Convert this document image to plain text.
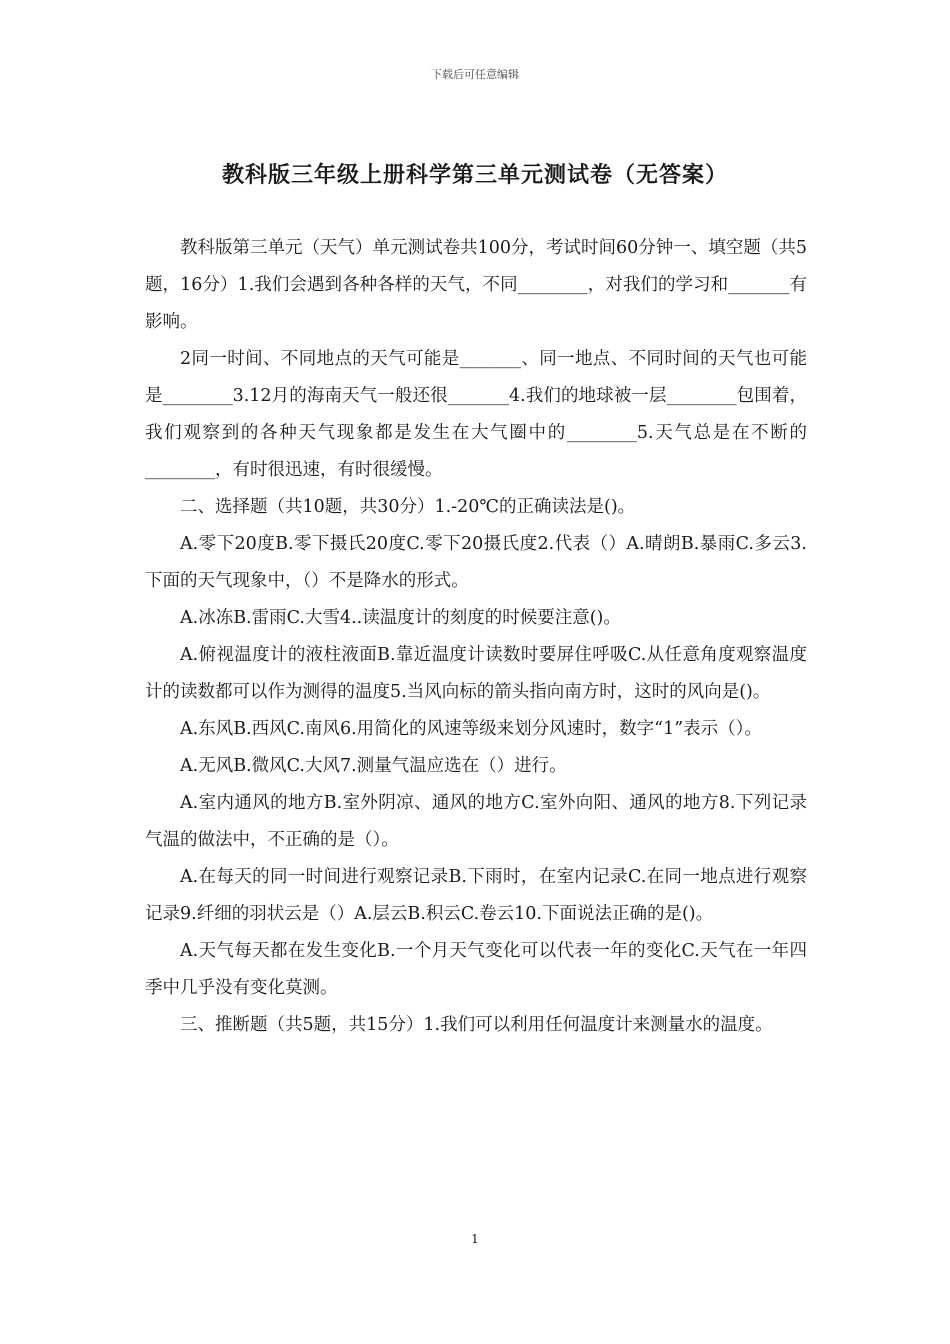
下载后可任意编辑
教科版三年级上册科学第三单元测试卷（无答案）

教科版第三单元（天气）单元测试卷共100分，考试时间60分钟一、填空题（共5题，16分）1.我们会遇到各种各样的天气，不同________，对我们的学习和_______有影响。

2同一时间、不同地点的天气可能是_______、同一地点、不同时间的天气也可能是________3.12月的海南天气一般还很_______4.我们的地球被一层________包围着，我们观察到的各种天气现象都是发生在大气圈中的________5.天气总是在不断的________，有时很迅速，有时很缓慢。

二、选择题（共10题，共30分）1.-20℃的正确读法是()。

A.零下20度B.零下摄氏20度C.零下20摄氏度2.代表（）A.晴朗B.暴雨C.多云3.下面的天气现象中，（）不是降水的形式。

A.冰冻B.雷雨C.大雪4..读温度计的刻度的时候要注意()。

A.俯视温度计的液柱液面B.靠近温度计读数时要屏住呼吸C.从任意角度观察温度计的读数都可以作为测得的温度5.当风向标的箭头指向南方时，这时的风向是()。

A.东风B.西风C.南风6.用简化的风速等级来划分风速时，数字“1”表示（）。

A.无风B.微风C.大风7.测量气温应选在（）进行。

A.室内通风的地方B.室外阴凉、通风的地方C.室外向阳、通风的地方8.下列记录气温的做法中，不正确的是（）。

A.在每天的同一时间进行观察记录B.下雨时，在室内记录C.在同一地点进行观察记录9.纤细的羽状云是（）A.层云B.积云C.卷云10.下面说法正确的是()。

A.天气每天都在发生变化B.一个月天气变化可以代表一年的变化C.天气在一年四季中几乎没有变化莫测。

三、推断题（共5题，共15分）1.我们可以利用任何温度计来测量水的温度。

1
